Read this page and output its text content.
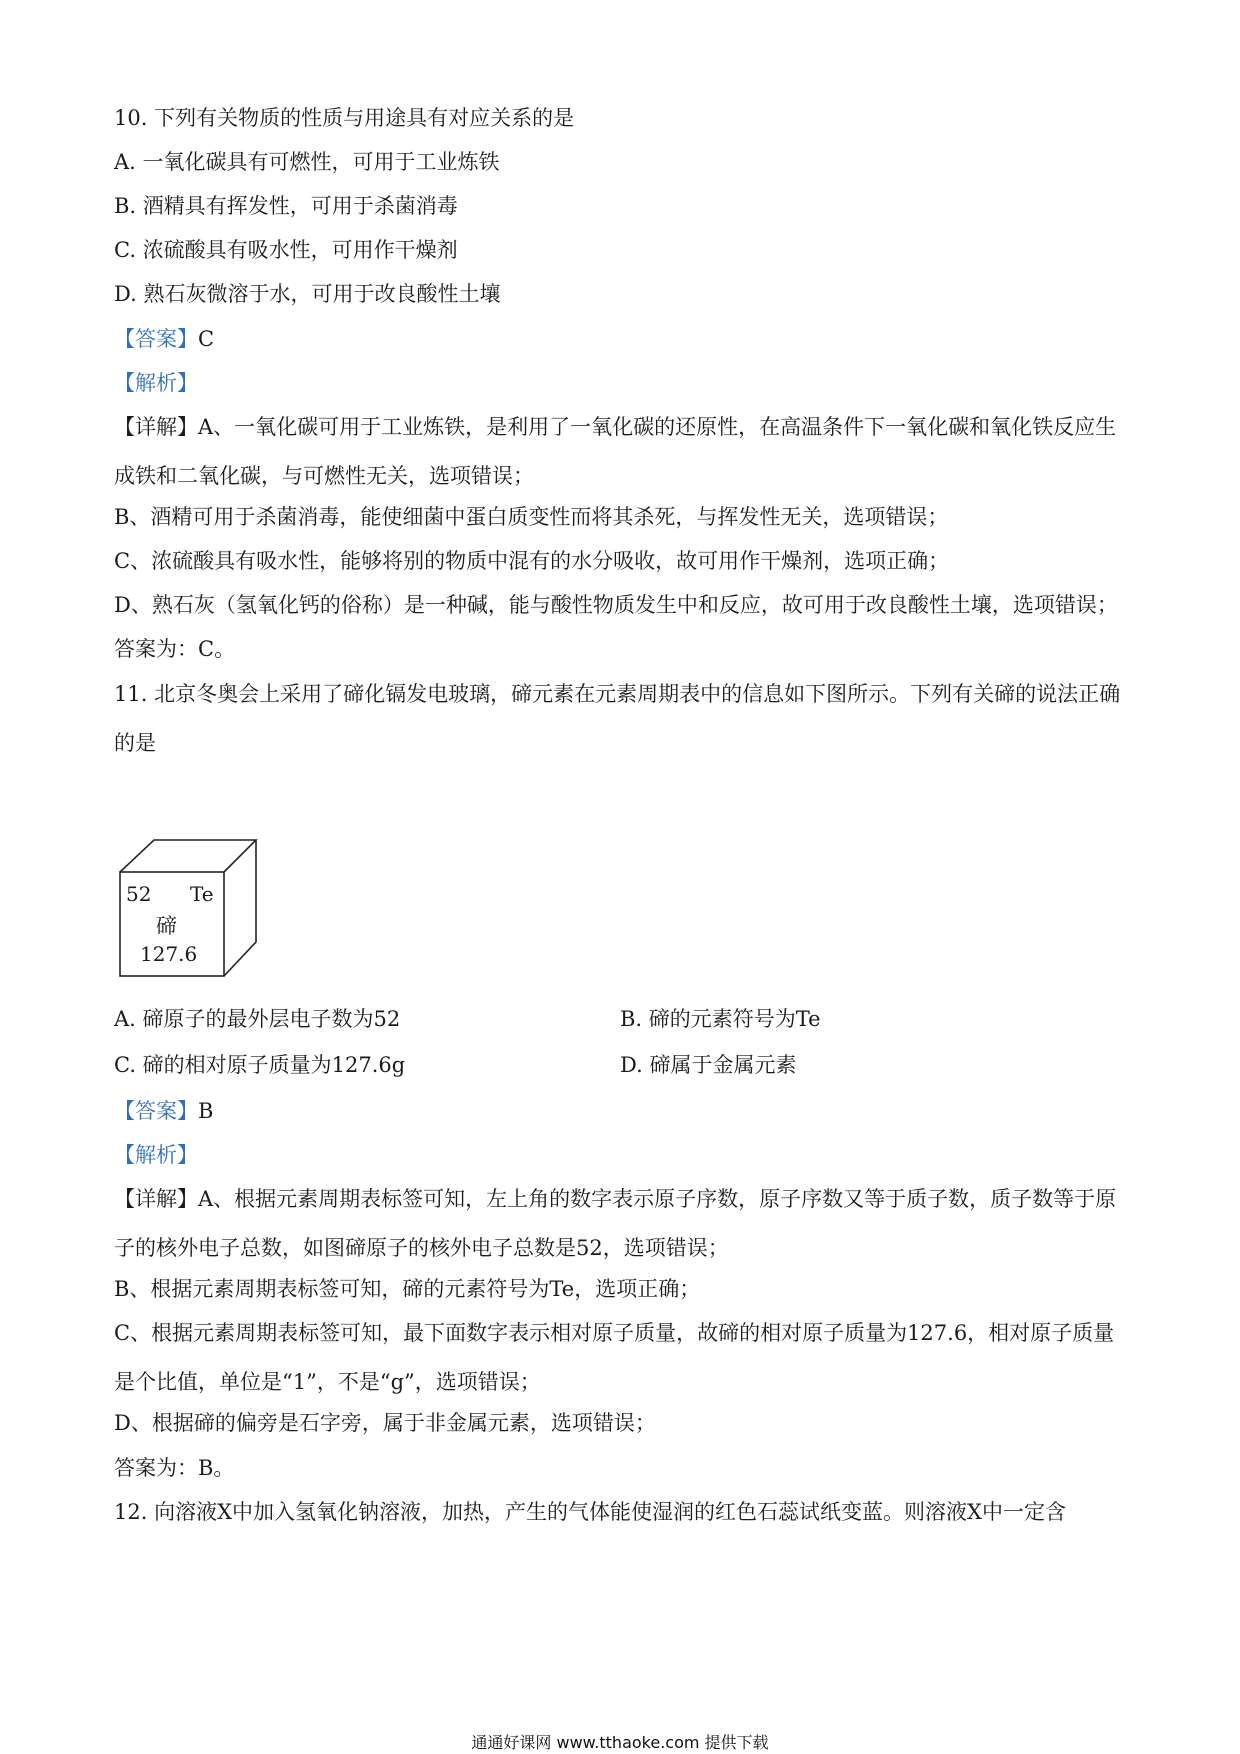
10. 下列有关物质的性质与用途具有对应关系的是
A. 一氧化碳具有可燃性，可用于工业炼铁
B. 酒精具有挥发性，可用于杀菌消毒
C. 浓硫酸具有吸水性，可用作干燥剂
D. 熟石灰微溶于水，可用于改良酸性土壤
【答案】C
【解析】
【详解】A、一氧化碳可用于工业炼铁，是利用了一氧化碳的还原性，在高温条件下一氧化碳和氧化铁反应生成铁和二氧化碳，与可燃性无关，选项错误；
B、酒精可用于杀菌消毒，能使细菌中蛋白质变性而将其杀死，与挥发性无关，选项错误；
C、浓硫酸具有吸水性，能够将别的物质中混有的水分吸收，故可用作干燥剂，选项正确；
D、熟石灰（氢氧化钙的俗称）是一种碱，能与酸性物质发生中和反应，故可用于改良酸性土壤，选项错误；
答案为：C。
11. 北京冬奥会上采用了碲化镉发电玻璃，碲元素在元素周期表中的信息如下图所示。下列有关碲的说法正确的是
52 Te
碲
127.6
A. 碲原子的最外层电子数为52	B. 碲的元素符号为Te
C. 碲的相对原子质量为127.6g	D. 碲属于金属元素
【答案】B
【解析】
【详解】A、根据元素周期表标签可知，左上角的数字表示原子序数，原子序数又等于质子数，质子数等于原子的核外电子总数，如图碲原子的核外电子总数是52，选项错误；
B、根据元素周期表标签可知，碲的元素符号为Te，选项正确；
C、根据元素周期表标签可知，最下面数字表示相对原子质量，故碲的相对原子质量为127.6，相对原子质量是个比值，单位是“1”，不是“g”，选项错误；
D、根据碲的偏旁是石字旁，属于非金属元素，选项错误；
答案为：B。
12. 向溶液X中加入氢氧化钠溶液，加热，产生的气体能使湿润的红色石蕊试纸变蓝。则溶液X中一定含
通通好课网 www.tthaoke.com 提供下载
